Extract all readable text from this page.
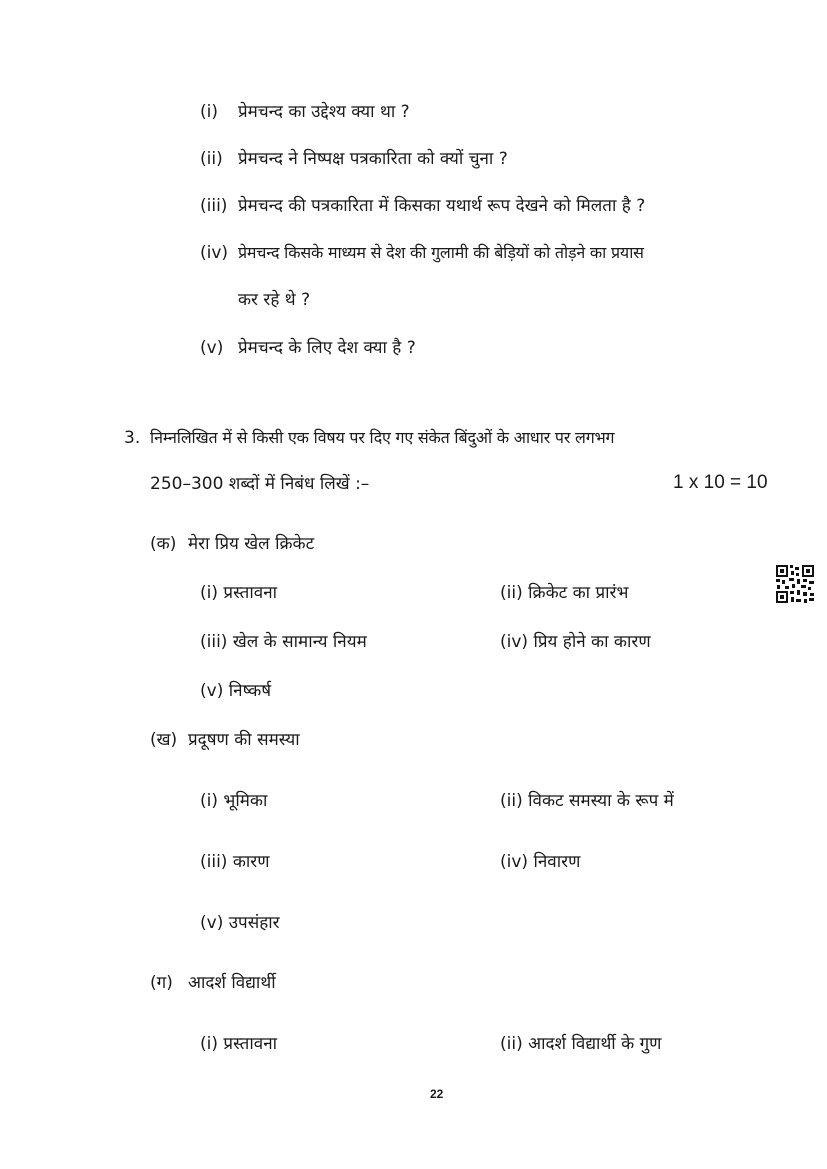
(i) प्रेमचन्द का उद्देश्य क्या था ?
(ii) प्रेमचन्द ने निष्पक्ष पत्रकारिता को क्यों चुना ?
(iii) प्रेमचन्द की पत्रकारिता में किसका यथार्थ रूप देखने को मिलता है ?
(iv) प्रेमचन्द किसके माध्यम से देश की गुलामी की बेड़ियों को तोड़ने का प्रयास
कर रहे थे ?
(v) प्रेमचन्द के लिए देश क्या है ?
3. निम्नलिखित में से किसी एक विषय पर दिए गए संकेत बिंदुओं के आधार पर लगभग
250–300 शब्दों में निबंध लिखें :–	1 x 10 = 10
(क) मेरा प्रिय खेल क्रिकेट
(i) प्रस्तावना	(ii) क्रिकेट का प्रारंभ
(iii) खेल के सामान्य नियम	(iv) प्रिय होने का कारण
(v) निष्कर्ष
(ख) प्रदूषण की समस्या
(i) भूमिका	(ii) विकट समस्या के रूप में
(iii) कारण	(iv) निवारण
(v) उपसंहार
(ग) आदर्श विद्यार्थी
(i) प्रस्तावना	(ii) आदर्श विद्यार्थी के गुण
22
